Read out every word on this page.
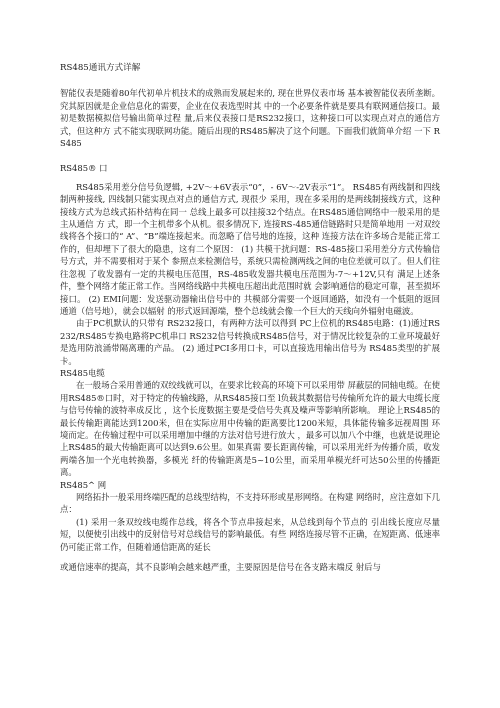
RS485通讯方式详解

智能仪表是随着80年代初单片机技术的成熟而发展起来的, 现在世界仪表市场 基本被智能仪表所垄断。究其原因就是企业信息化的需要，企业在仪表选型时其 中的一个必要条件就是要具有联网通信接口。最初是数据模拟信号输出简单过程 量,后来仪表接口是RS232接口，这种接口可以实现点对点的通信方式，但这种方 式不能实现联网功能。随后出现的RS485解决了这个问题。下面我们就简单介绍 一下 RS485

RS485® 口

RS485采用差分信号负逻辑, +2V～+6V表示“0”，- 6V～-2V表示“1”。 RS485有两线制和四线制两种接线, 四线制只能实现点对点的通信方式, 现很少 采用，现在多采用的是两线制接线方式，这种接线方式为总线式拓朴结构在同一 总线上最多可以挂接32个结点。在RS485通信网络中一般采用的是主从通信 方 式，即一个主机带多个从机。很多情况下, 连接RS-485通信链路时只是简单地用 一对双绞线将各个接口的“ A”、“B”端连接起来。而忽略了信号地的连接，这种 连接方法在许多场合是能正常工作的，但却埋下了很大的隐患，这有二个原因： (1) 共模干扰问题：RS-485接口采用差分方式传输信号方式，并不需要相对于某个 参照点来检测信号，系统只需检测两线之间的电位差就可以了。但人们往往忽视 了收发器有一定的共模电压范围，RS-485收发器共模电压范围为-7～+12V,只有 满足上述条件，整个网络才能正常工作。当网络线路中共模电压超出此范围时就 会影响通信的稳定可靠，甚至损坏接口。 (2) EMI问题：发送驱动器输出信号中的 共模部分需要一个返回通路，如没有一个低阻的返回通道（信号地），就会以辐射 的形式返回源端，整个总线就会像一个巨大的天线向外辐射电磁波。

由于PC机默认的只带有 RS232接口，有两种方法可以得到 PC上位机的RS485电路：(1)通过RS232/RS485专换电路将PC机串口 RS232信号转换成RS485信号，对于情况比较复杂的工业环境最好是选用防浪涌带隔离珊的产品。 (2) 通过PCI多用口卡，可以直接选用输出信号为 RS485类型的扩展卡。

RS485电缆

在一般场合采用普通的双绞线就可以，在要求比较高的环境下可以采用带 屏蔽层的同轴电缆。在使用RS485®口时，对于特定的传输线路，从RS485接口至 l负载其数据信号传输所允许的最大电缆长度与信号传输的波特率成反比 ，这个长度数据主要是受信号失真及噪声等影响所影响。 理论上RS485的最长传输距离能达到1200米，但在实际应用中传输的距离要比1200米短，具体能传输多远视周围 环境而定。在传输过程中可以采用增加中继的方法对信号进行放大 ，最多可以加八个中继，也就是说理论上RS485的最大传输距离可以达到9.6公里。如果真需 要长距离传输，可以采用光纤为传播介质，收发两端各加一个光电转换器，多模光 纤的传输距离是5~10公里，而采用单模光纤可达50公里的传播距离。

RS485^ 网

网络拓扑一般采用终端匹配的总线型结构，不支持环形或星形网络。在构建 网络时，应注意如下几点：

(1) 采用一条双绞线电缆作总线，将各个节点串接起来，从总线到每个节点的 引出线长度应尽量短，以便使引出线中的反射信号对总线信号的影响最低。有些 网络连接尽管不正确，在短距离、低速率仍可能正常工作，但随着通信距离的延长

或通信速率的提高，其不良影响会越来越严重，主要原因是信号在各支路末端反 射后与
